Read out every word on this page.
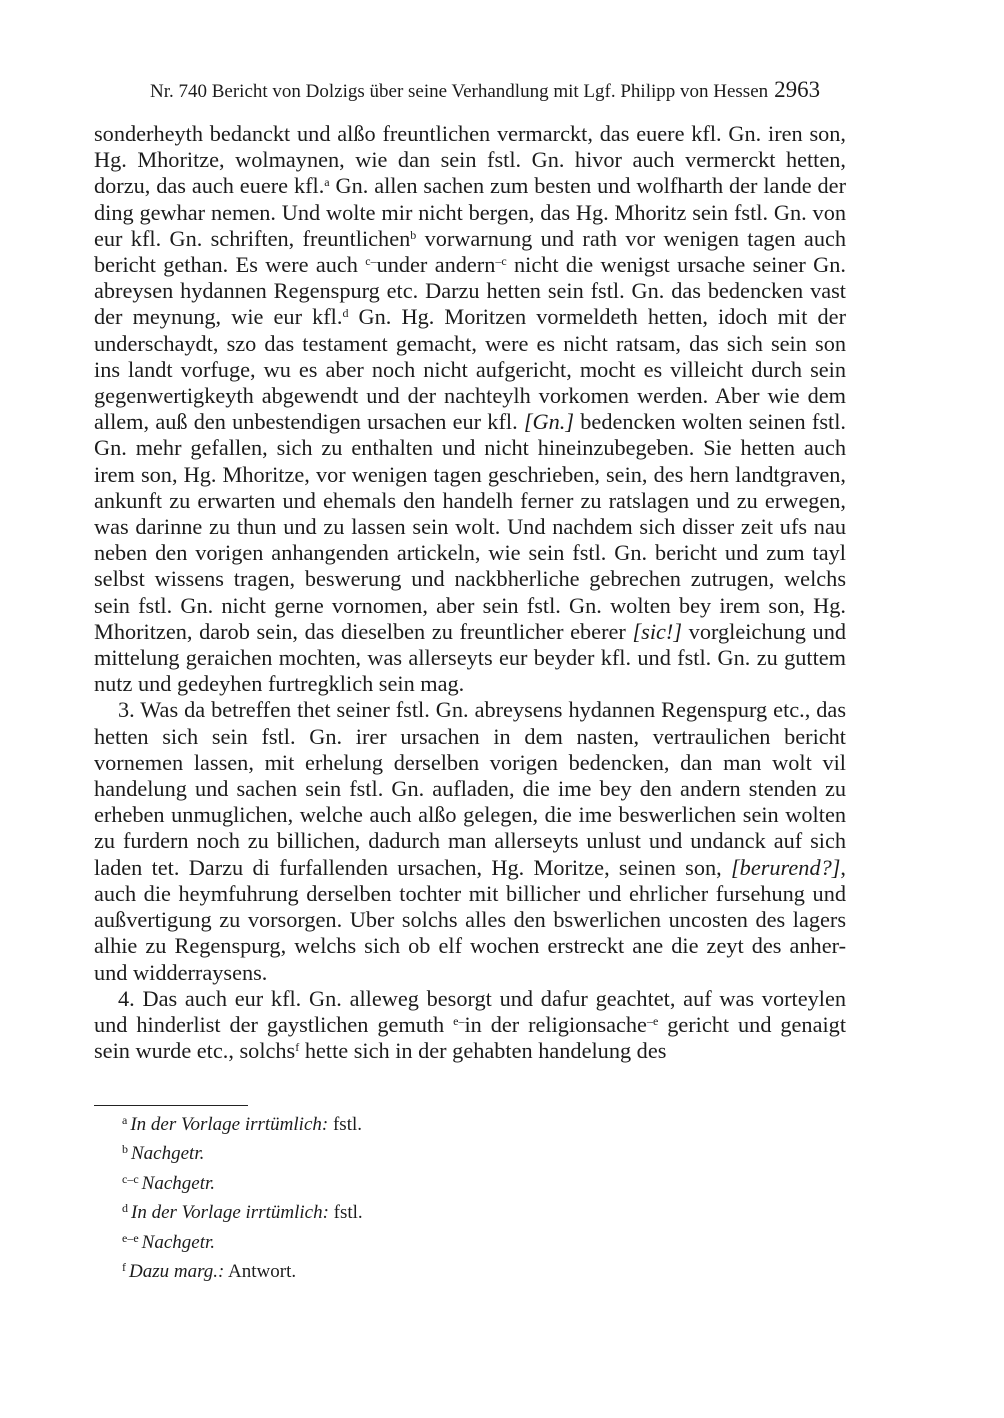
Nr. 740 Bericht von Dolzigs über seine Verhandlung mit Lgf. Philipp von Hessen 2963

sonderheyth bedanckt und alßo freuntlichen vermarckt, das euere kfl. Gn. iren son, Hg. Mhoritze, wolmaynen, wie dan sein fstl. Gn. hivor auch vermerckt hetten, dorzu, das auch euere kfl.$^a$ Gn. allen sachen zum besten und wolfharth der lande der ding gewhar nemen. Und wolte mir nicht bergen, das Hg. Mhoritz sein fstl. Gn. von eur kfl. Gn. schriften, freuntlichen$^b$ vorwarnung und rath vor wenigen tagen auch bericht gethan. Es were auch $^{c-}$under andern$^{-c}$ nicht die wenigst ursache seiner Gn. abreysen hydannen Regenspurg etc. Darzu hetten sein fstl. Gn. das bedencken vast der meynung, wie eur kfl.$^d$ Gn. Hg. Moritzen vormeldeth hetten, idoch mit der underschaydt, szo das testament gemacht, were es nicht ratsam, das sich sein son ins landt vorfuge, wu es aber noch nicht aufgericht, mocht es villeicht durch sein gegenwertigkeyth abgewendt und der nachteylh vorkomen werden. Aber wie dem allem, auß den unbestendigen ursachen eur kfl. [Gn.] bedencken wolten seinen fstl. Gn. mehr gefallen, sich zu enthalten und nicht hineinzubegeben. Sie hetten auch irem son, Hg. Mhoritze, vor wenigen tagen geschrieben, sein, des hern landtgraven, ankunft zu erwarten und ehemals den handelh ferner zu ratslagen und zu erwegen, was darinne zu thun und zu lassen sein wolt. Und nachdem sich disser zeit ufs nau neben den vorigen anhangenden artickeln, wie sein fstl. Gn. bericht und zum tayl selbst wissens tragen, beswerung und nackbherliche gebrechen zutrugen, welchs sein fstl. Gn. nicht gerne vornomen, aber sein fstl. Gn. wolten bey irem son, Hg. Mhoritzen, darob sein, das dieselben zu freuntlicher eberer [sic!] vorgleichung und mittelung geraichen mochten, was allerseyts eur beyder kfl. und fstl. Gn. zu guttem nutz und gedeyhen furtregklich sein mag.

3. Was da betreffen thet seiner fstl. Gn. abreysens hydannen Regenspurg etc., das hetten sich sein fstl. Gn. irer ursachen in dem nasten, vertraulichen bericht vornemen lassen, mit erhelung derselben vorigen bedencken, dan man wolt vil handelung und sachen sein fstl. Gn. aufladen, die ime bey den andern stenden zu erheben unmuglichen, welche auch alßo gelegen, die ime beswerlichen sein wolten zu furdern noch zu billichen, dadurch man allerseyts unlust und undanck auf sich laden tet. Darzu di furfallenden ursachen, Hg. Moritze, seinen son, [berurend?], auch die heymfuhrung derselben tochter mit billicher und ehrlicher fursehung und außvertigung zu vorsorgen. Uber solchs alles den bswerlichen uncosten des lagers alhie zu Regenspurg, welchs sich ob elf wochen erstreckt ane die zeyt des anher- und widderraysens.

4. Das auch eur kfl. Gn. alleweg besorgt und dafur geachtet, auf was vorteylen und hinderlist der gaystlichen gemuth $^{e-}$in der religionsache$^{-e}$ gericht und genaigt sein wurde etc., solchs$^f$ hette sich in der gehabten handelung des

$^a$ In der Vorlage irrtümlich: fstl.
$^b$ Nachgetr.
$^{c-c}$ Nachgetr.
$^d$ In der Vorlage irrtümlich: fstl.
$^{e-e}$ Nachgetr.
$^f$ Dazu marg.: Antwort.
